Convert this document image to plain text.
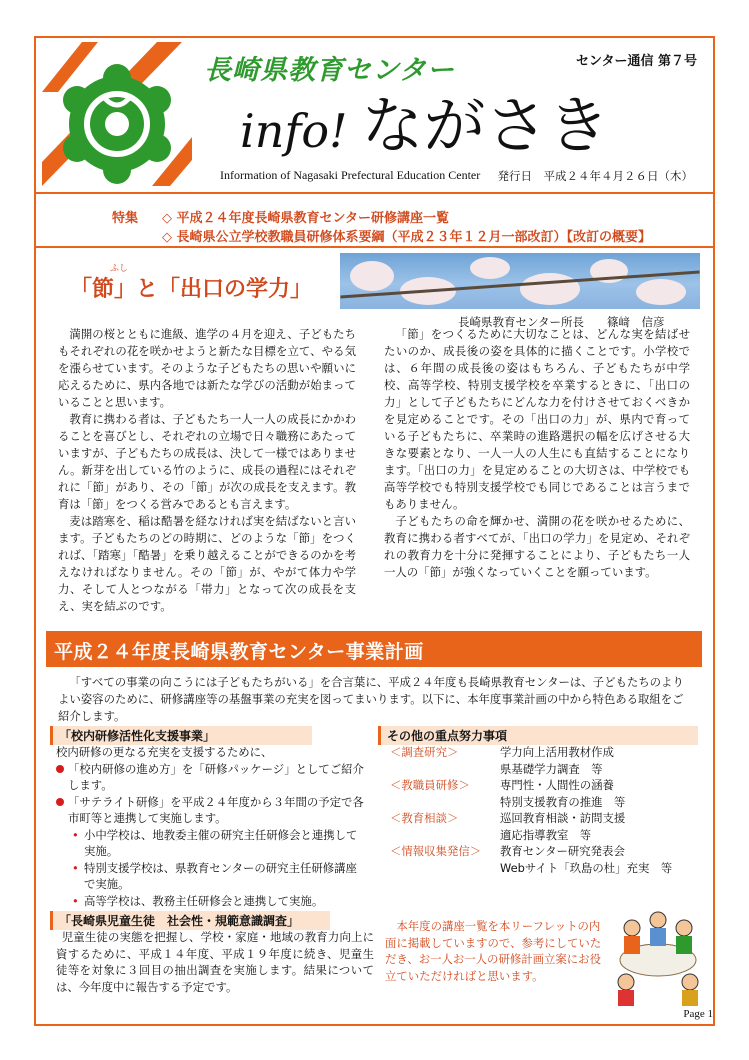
長崎県教育センター	センター通信 第７号
info! ながさき
Information of Nagasaki Prefectural Education Center 発行日　平成２４年４月２６日（木）
特集 ◇ 平成２４年度長崎県教育センター研修講座一覧
◇ 長崎県公立学校教職員研修体系要綱（平成２３年１２月一部改訂）【改訂の概要】
ふし
「節」と「出口の学力」
長崎県教育センター所長　　篠﨑　信彦

満開の桜とともに進級、進学の４月を迎え、子どもたちもそれぞれの花を咲かせようと新たな目標を立て、やる気を漲らせています。そのような子どもたちの思いや願いに応えるために、県内各地では新たな学びの活動が始まっていることと思います。

教育に携わる者は、子どもたち一人一人の成長にかかわることを喜びとし、それぞれの立場で日々職務にあたっていますが、子どもたちの成長は、決して一様ではありません。新芽を出している竹のように、成長の過程にはそれぞれに「節」があり、その「節」が次の成長を支えます。教育は「節」をつくる営みであるとも言えます。

麦は踏寒を、稲は酷暑を経なければ実を結ばないと言います。子どもたちのどの時期に、どのような「節」をつくれば、「踏寒」「酷暑」を乗り越えることができるのかを考えなければなりません。その「節」が、やがて体力や学力、そして人とつながる「帯力」となって次の成長を支え、実を結ぶのです。

「節」をつくるために大切なことは、どんな実を結ばせたいのか、成長後の姿を具体的に描くことです。小学校では、６年間の成長後の姿はもちろん、子どもたちが中学校、高等学校、特別支援学校を卒業するときに、「出口の力」として子どもたちにどんな力を付けさせておくべきかを見定めることです。その「出口の力」が、県内で育っている子どもたちに、卒業時の進路選択の幅を広げさせる大きな要素となり、一人一人の人生にも直結することになります。「出口の力」を見定めることの大切さは、中学校でも高等学校でも特別支援学校でも同じであることは言うまでもありません。

子どもたちの命を輝かせ、満開の花を咲かせるために、教育に携わる者すべてが、「出口の学力」を見定め、それぞれの教育力を十分に発揮することにより、子どもたち一人一人の「節」が強くなっていくことを願っています。

平成２４年度長崎県教育センター事業計画
「すべての事業の向こうには子どもたちがいる」を合言葉に、平成２４年度も長崎県教育センターは、子どもたちのよりよい姿容のために、研修講座等の基盤事業の充実を図ってまいります。以下に、本年度事業計画の中から特色ある取組をご紹介します。
「校内研修活性化支援事業」
校内研修の更なる充実を支援するために、
「校内研修の進め方」を「研修パッケージ」としてご紹介します。
「サテライト研修」を平成２４年度から３年間の予定で各市町等と連携して実施します。
• 小中学校は、地教委主催の研究主任研修会と連携して実施。
• 特別支援学校は、県教育センターの研究主任研修講座で実施。
• 高等学校は、教務主任研修会と連携して実施。
「長崎県児童生徒　社会性・規範意識調査」
児童生徒の実態を把握し、学校・家庭・地域の教育力向上に資するために、平成１４年度、平成１９年度に続き、児童生徒等を対象に３回目の抽出調査を実施します。結果については、今年度中に報告する予定です。
その他の重点努力事項
＜調査研究＞	学力向上活用教材作成
県基礎学力調査　等
＜教職員研修＞	専門性・人間性の涵養
特別支援教育の推進　等
＜教育相談＞	巡回教育相談・訪問支援
適応指導教室　等
＜情報収集発信＞	教育センター研究発表会
Webサイト「玖島の杜」充実　等
本年度の講座一覧を本リーフレットの内面に掲載していますので、参考にしていただき、お一人お一人の研修計画立案にお役立ていただければと思います。
Page 1
